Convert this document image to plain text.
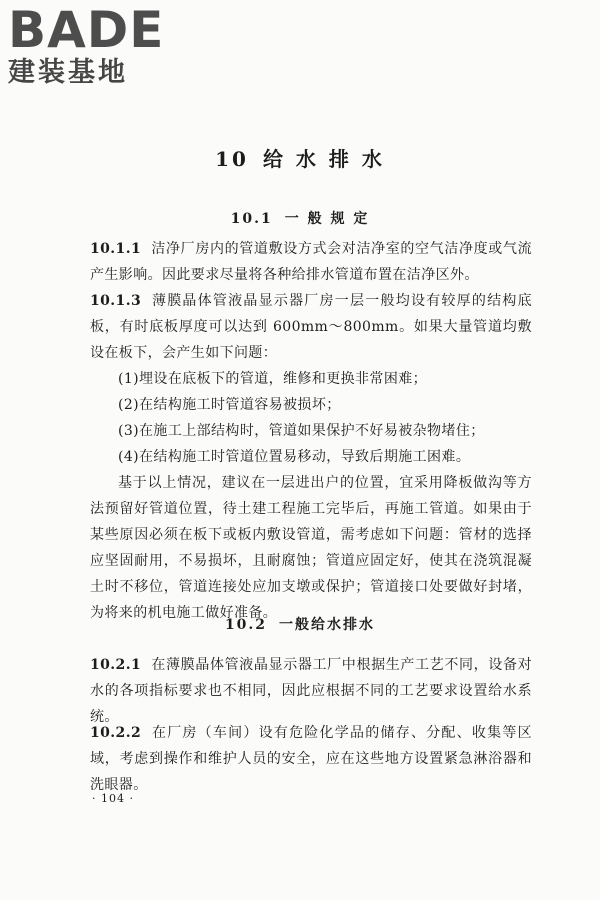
BADE
建装基地
10 给 水 排 水
10.1 一 般 规 定
10.1.1 洁净厂房内的管道敷设方式会对洁净室的空气洁净度或气流产生影响。因此要求尽量将各种给排水管道布置在洁净区外。
10.1.3 薄膜晶体管液晶显示器厂房一层一般均设有较厚的结构底板，有时底板厚度可以达到 600mm～800mm。如果大量管道均敷设在板下，会产生如下问题：
(1)埋设在底板下的管道，维修和更换非常困难；
(2)在结构施工时管道容易被损坏；
(3)在施工上部结构时，管道如果保护不好易被杂物堵住；
(4)在结构施工时管道位置易移动，导致后期施工困难。
基于以上情况，建议在一层进出户的位置，宜采用降板做沟等方法预留好管道位置，待土建工程施工完毕后，再施工管道。如果由于某些原因必须在板下或板内敷设管道，需考虑如下问题：管材的选择应坚固耐用，不易损坏，且耐腐蚀；管道应固定好，使其在浇筑混凝土时不移位，管道连接处应加支墩或保护；管道接口处要做好封堵，为将来的机电施工做好准备。
10.2 一般给水排水
10.2.1 在薄膜晶体管液晶显示器工厂中根据生产工艺不同，设备对水的各项指标要求也不相同，因此应根据不同的工艺要求设置给水系统。
10.2.2 在厂房（车间）设有危险化学品的储存、分配、收集等区域，考虑到操作和维护人员的安全，应在这些地方设置紧急淋浴器和洗眼器。
· 104 ·
